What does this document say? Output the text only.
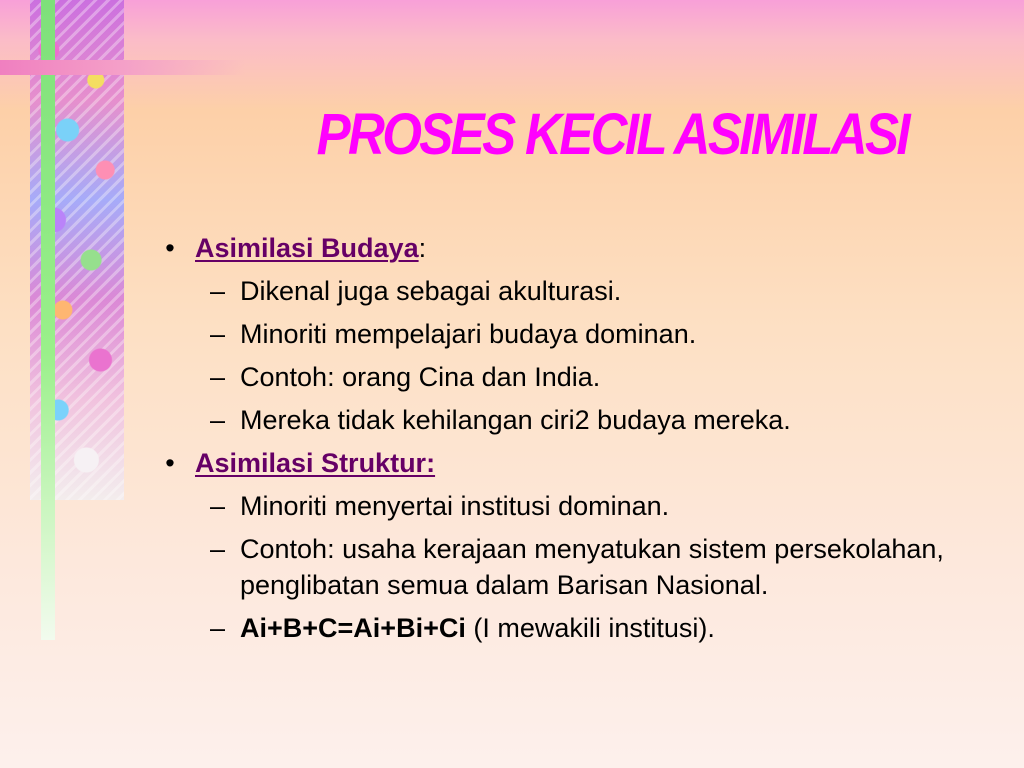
PROSES KECIL ASIMILASI
• Asimilasi Budaya:
– Dikenal juga sebagai akulturasi.
– Minoriti mempelajari budaya dominan.
– Contoh: orang Cina dan India.
– Mereka tidak kehilangan ciri2 budaya mereka.
• Asimilasi Struktur:
– Minoriti menyertai institusi dominan.
– Contoh: usaha kerajaan menyatukan sistem persekolahan, penglibatan semua dalam Barisan Nasional.
– Ai+B+C=Ai+Bi+Ci (I mewakili institusi).
